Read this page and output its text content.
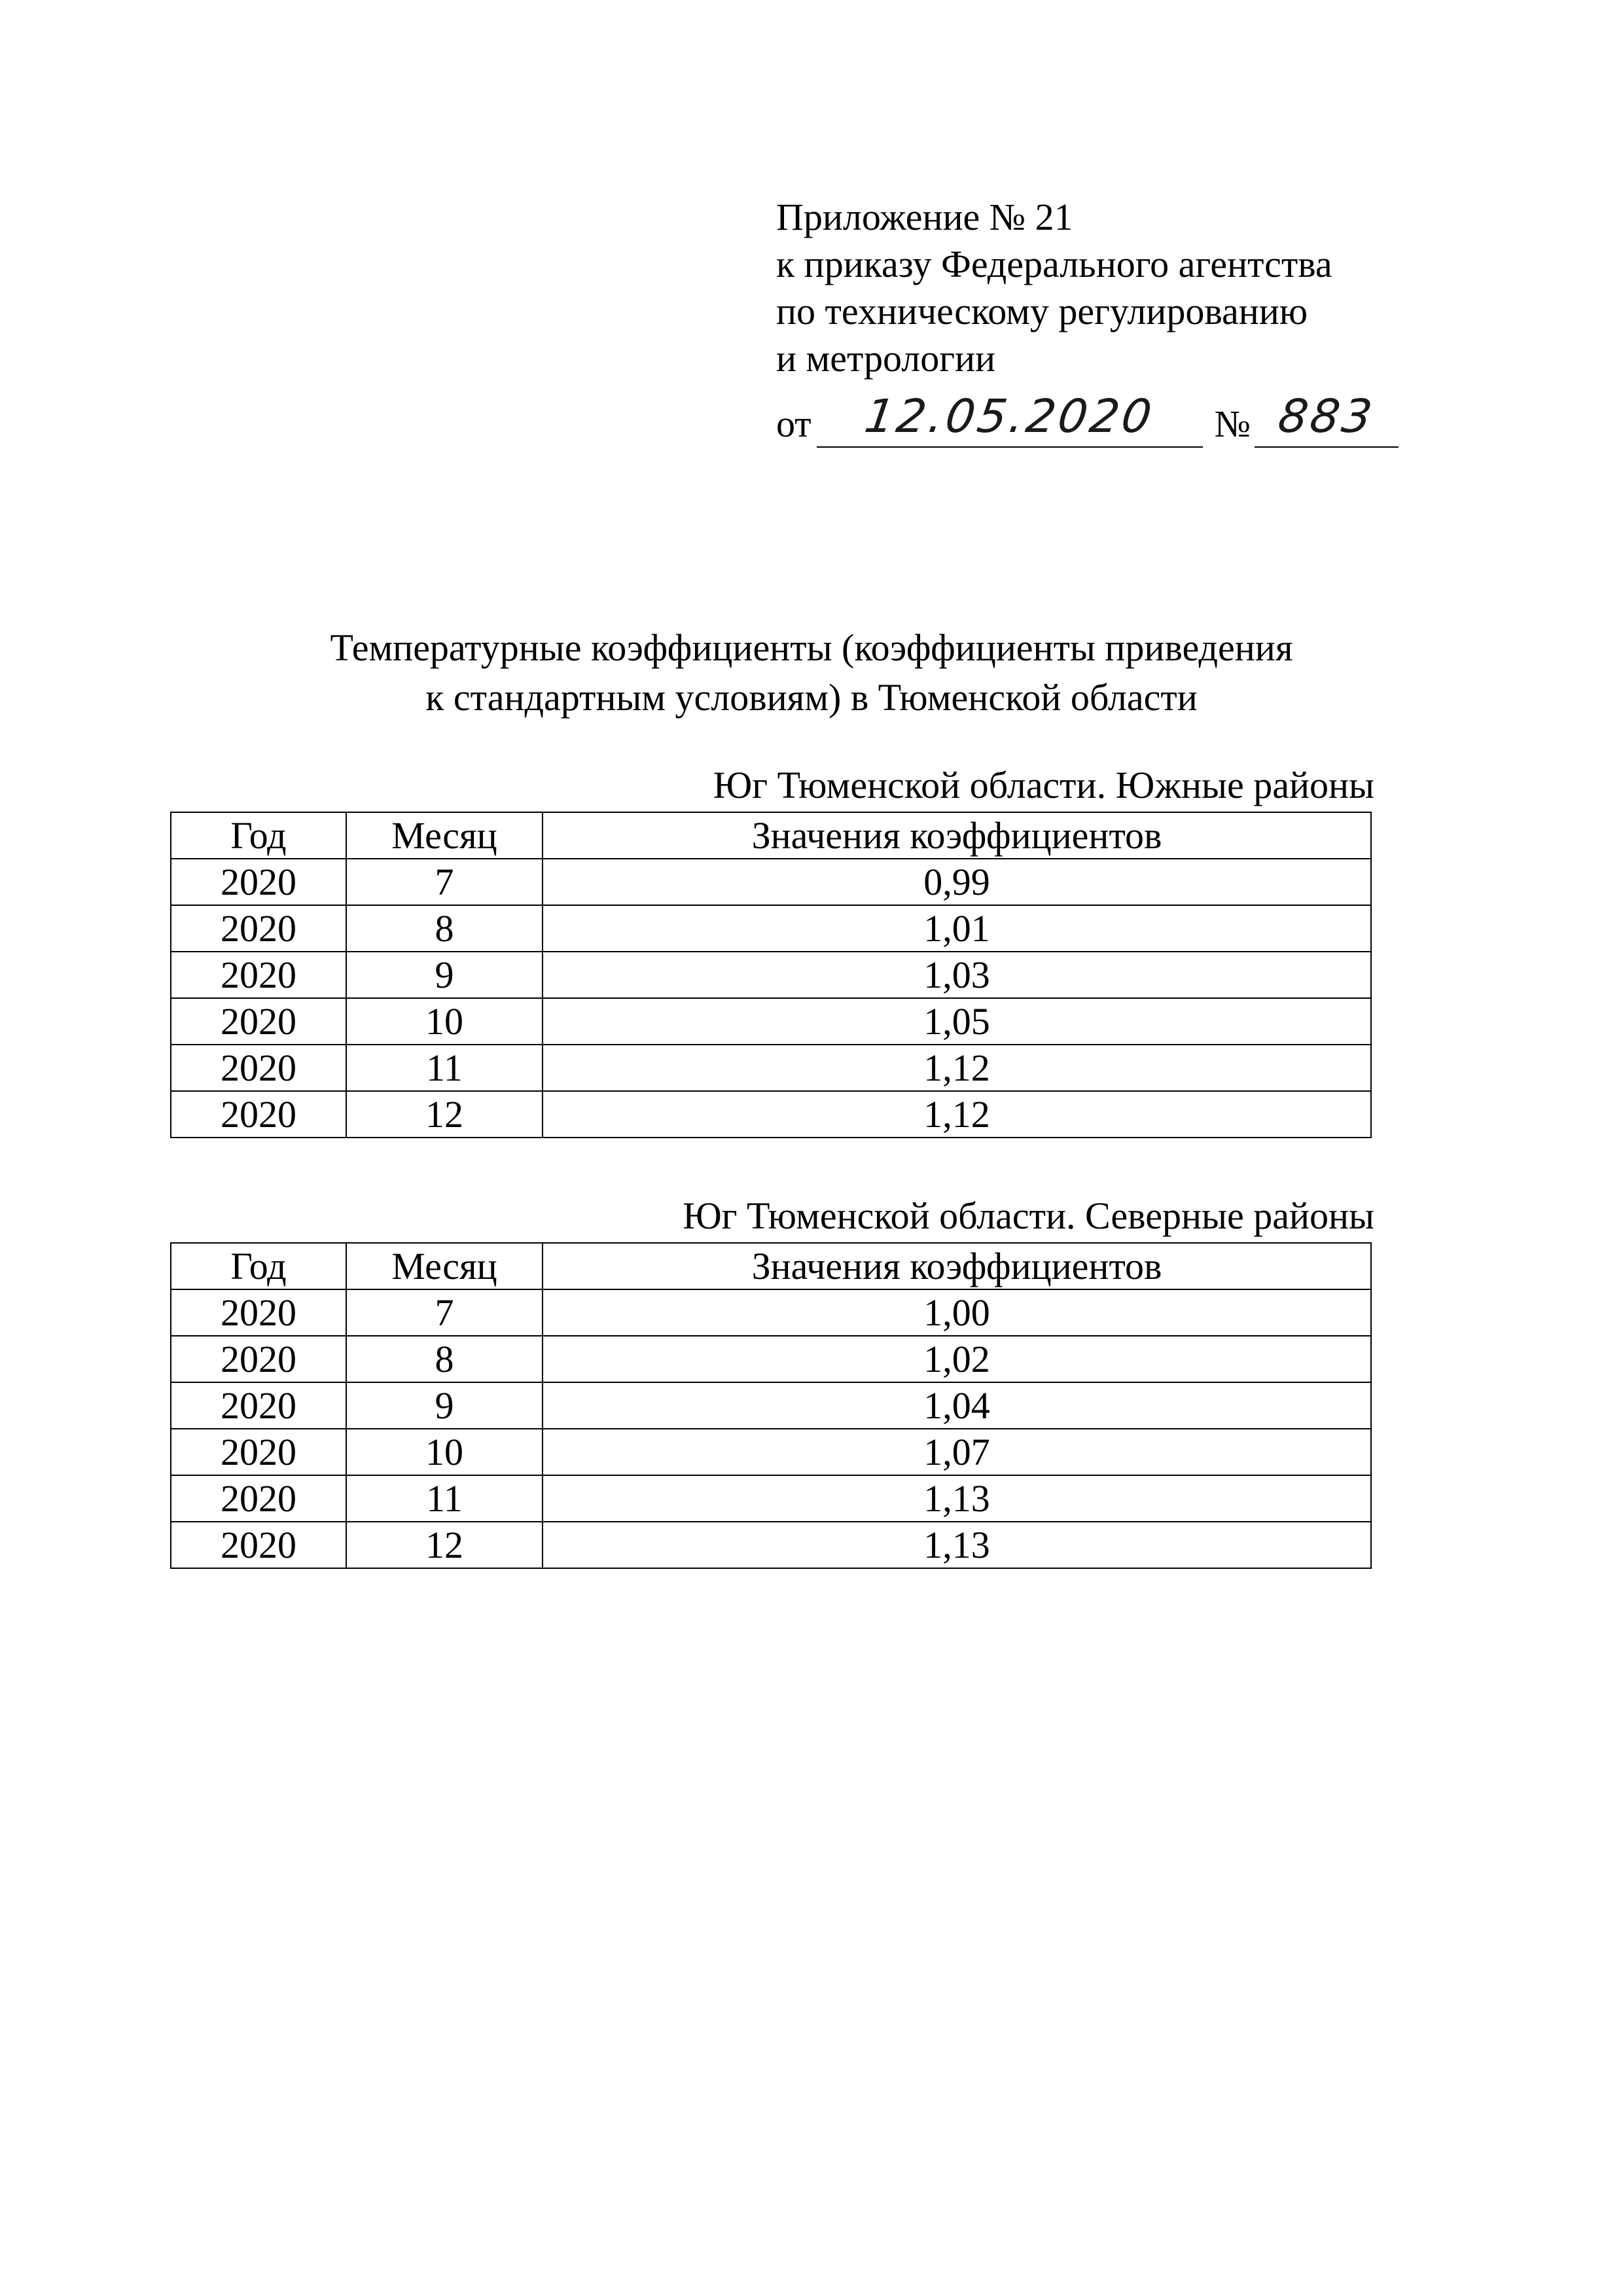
Приложение № 21
к приказу Федерального агентства
по техническому регулированию
и метрологии
от	12.05.2020	№ 883
Температурные коэффициенты (коэффициенты приведения
к стандартным условиям) в Тюменской области
Юг Тюменской области. Южные районы
Год	Месяц	Значения коэффициентов
2020	7	0,99
2020	8	1,01
2020	9	1,03
2020	10	1,05
2020	11	1,12
2020	12	1,12
Юг Тюменской области. Северные районы
Год	Месяц	Значения коэффициентов
2020	7	1,00
2020	8	1,02
2020	9	1,04
2020	10	1,07
2020	11	1,13
2020	12	1,13
